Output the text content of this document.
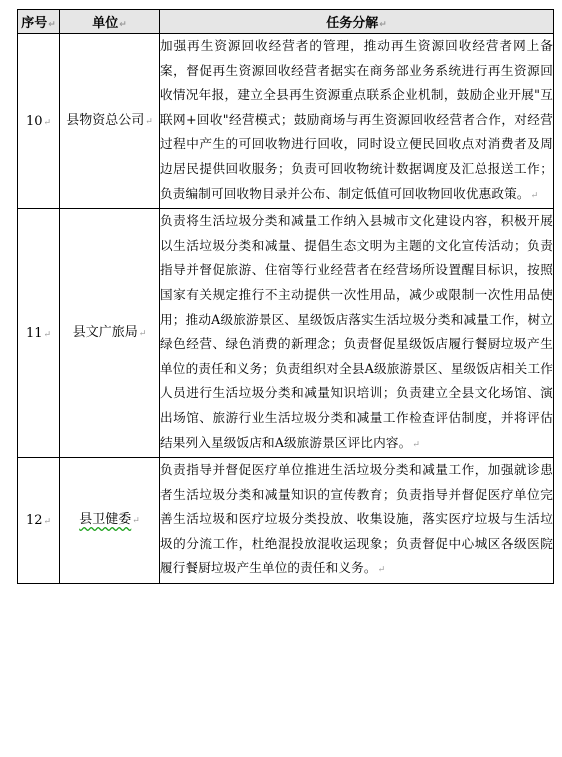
序号↵	单位↵	任务分解↵
10↵	县物资总公司↵	加强再生资源回收经营者的管理，推动再生资源回收经营者网上备案，督促再生资源回收经营者据实在商务部业务系统进行再生资源回收情况年报，建立全县再生资源重点联系企业机制，鼓励企业开展"互联网+回收"经营模式；鼓励商场与再生资源回收经营者合作，对经营过程中产生的可回收物进行回收，同时设立便民回收点对消费者及周边居民提供回收服务；负责可回收物统计数据调度及汇总报送工作；负责编制可回收物目录并公布、制定低值可回收物回收优惠政策。↵
11↵	县文广旅局↵	负责将生活垃圾分类和减量工作纳入县城市文化建设内容，积极开展以生活垃圾分类和减量、提倡生态文明为主题的文化宣传活动；负责指导并督促旅游、住宿等行业经营者在经营场所设置醒目标识，按照国家有关规定推行不主动提供一次性用品，减少或限制一次性用品使用；推动A级旅游景区、星级饭店落实生活垃圾分类和减量工作，树立绿色经营、绿色消费的新理念；负责督促星级饭店履行餐厨垃圾产生单位的责任和义务；负责组织对全县A级旅游景区、星级饭店相关工作人员进行生活垃圾分类和减量知识培训；负责建立全县文化场馆、演出场馆、旅游行业生活垃圾分类和减量工作检查评估制度，并将评估结果列入星级饭店和A级旅游景区评比内容。↵
12↵	县卫健委↵	负责指导并督促医疗单位推进生活垃圾分类和减量工作，加强就诊患者生活垃圾分类和减量知识的宣传教育；负责指导并督促医疗单位完善生活垃圾和医疗垃圾分类投放、收集设施，落实医疗垃圾与生活垃圾的分流工作，杜绝混投放混收运现象；负责督促中心城区各级医院履行餐厨垃圾产生单位的责任和义务。↵
